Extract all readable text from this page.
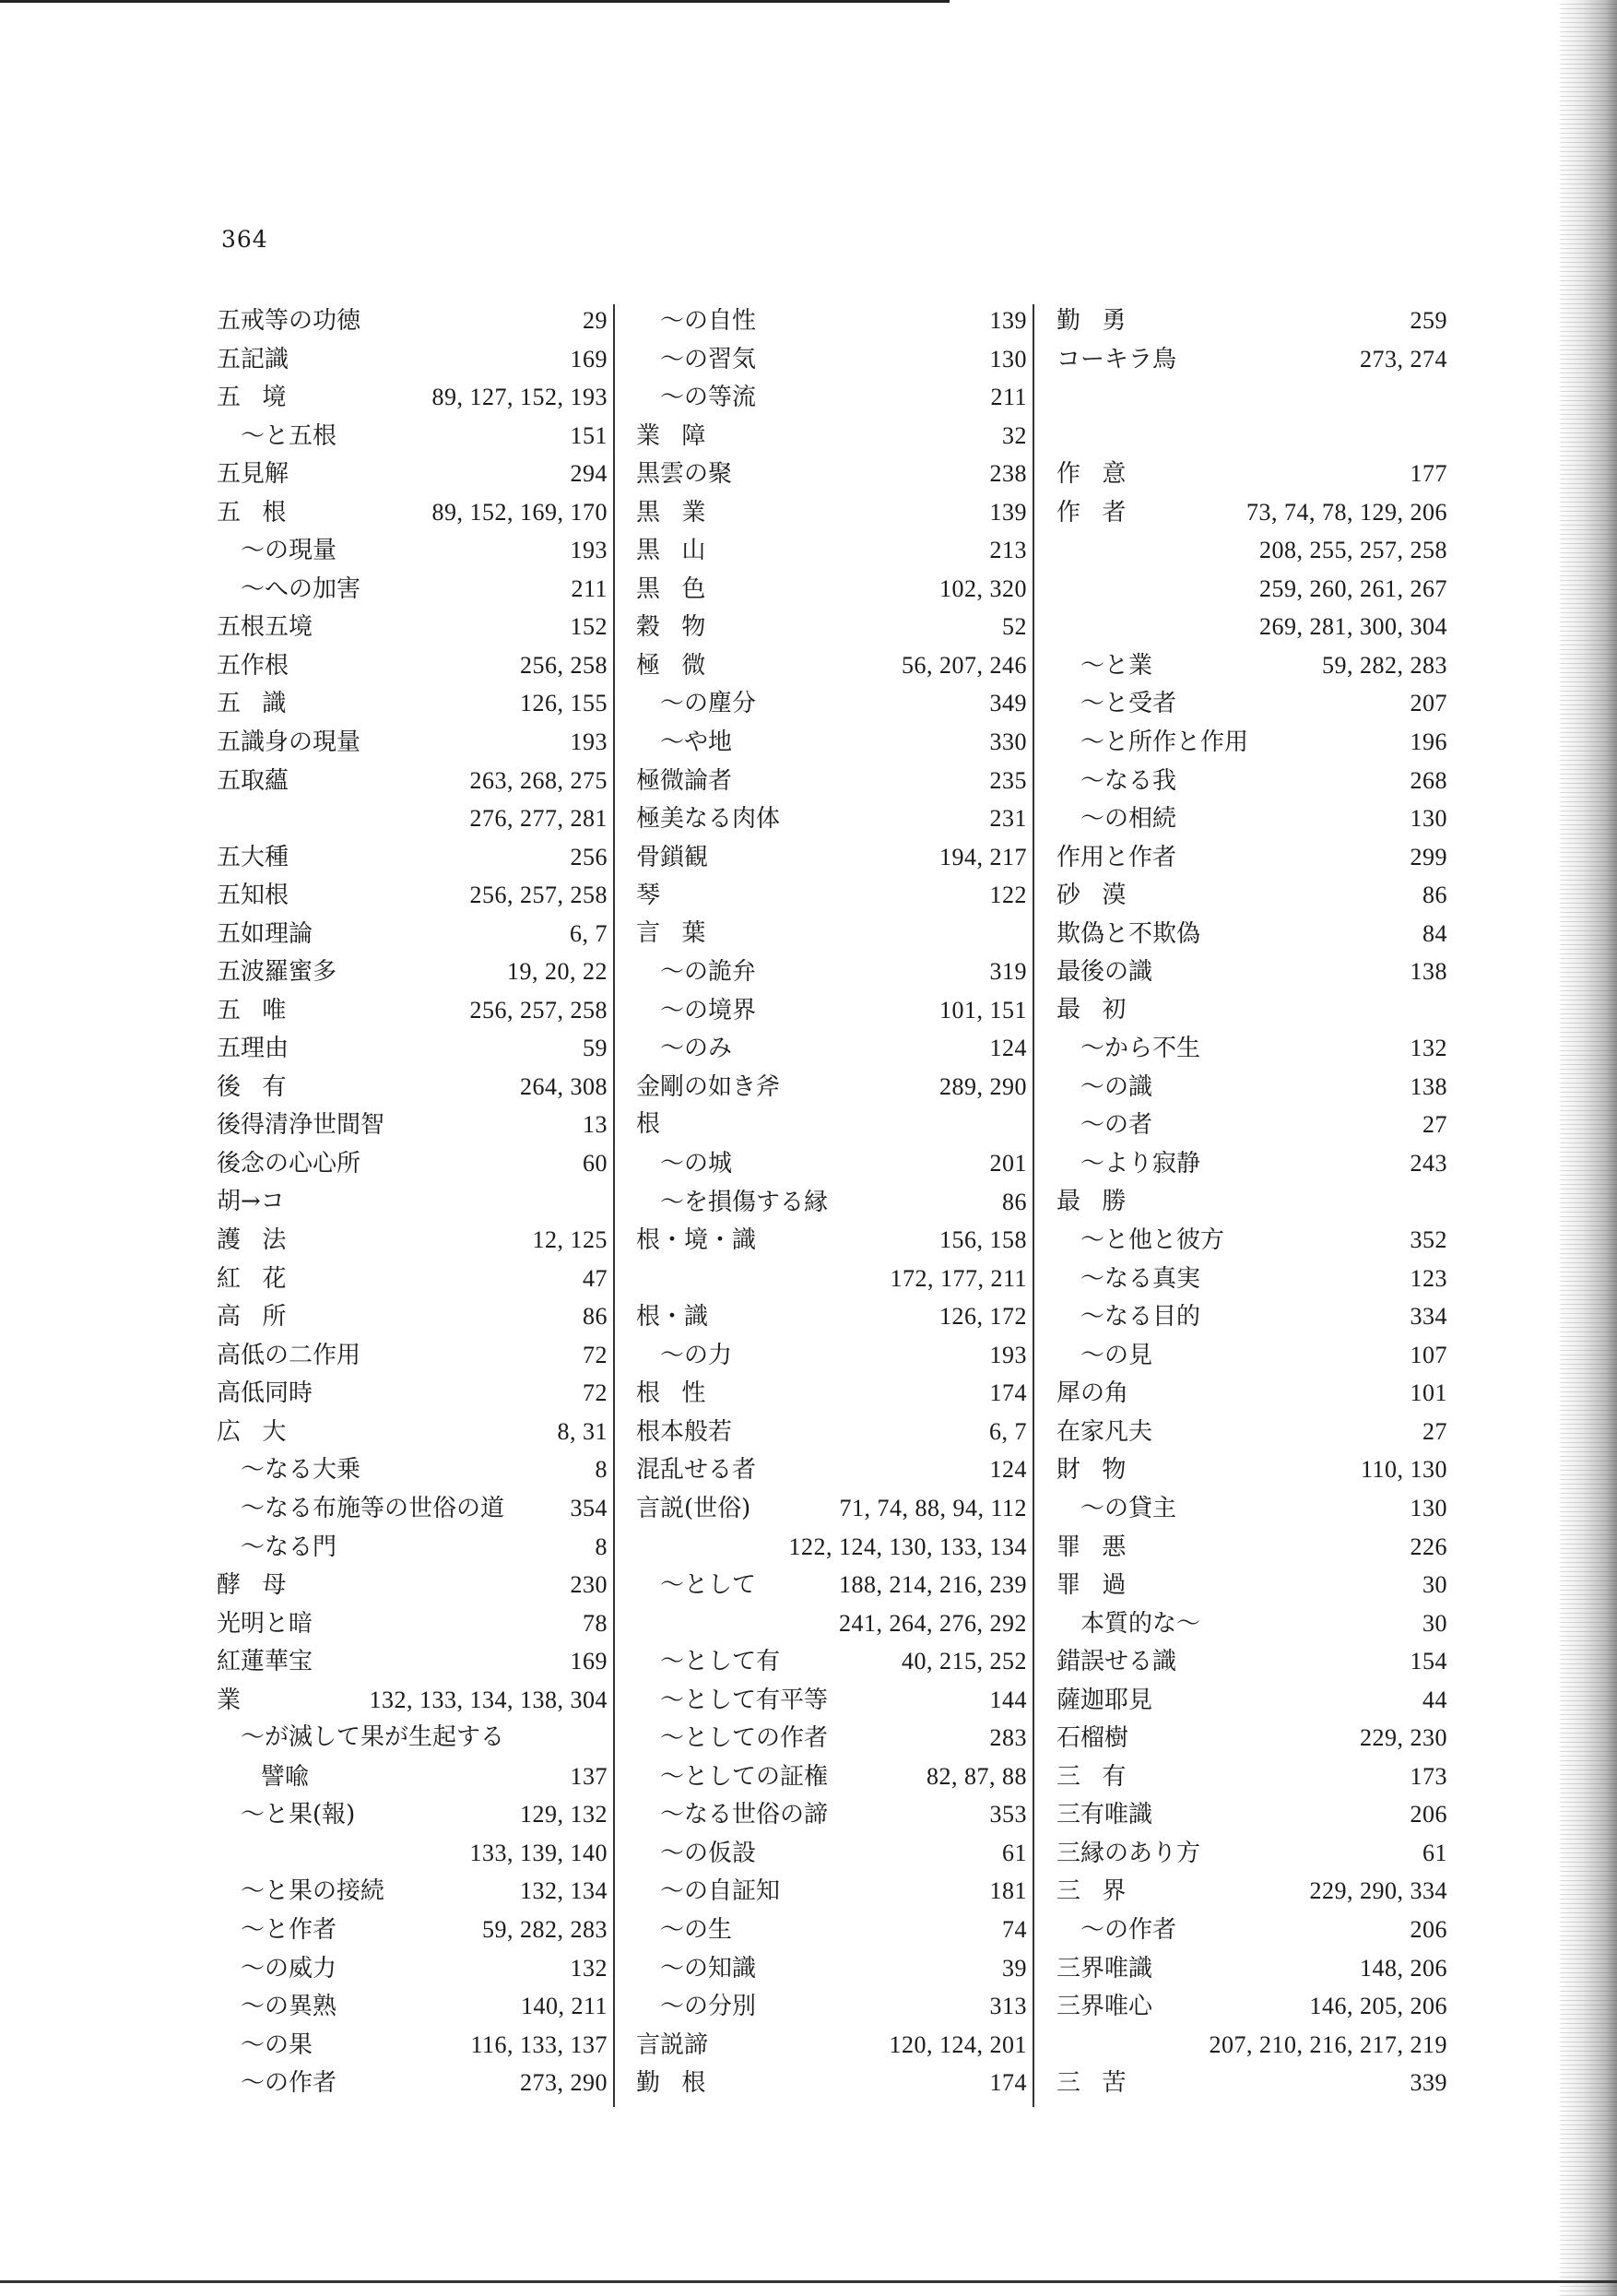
364
五戒等の功徳	29
五記識	169
五境	89, 127, 152, 193
～と五根	151
五見解	294
五根	89, 152, 169, 170
～の現量	193
～への加害	211
五根五境	152
五作根	256, 258
五識	126, 155
五識身の現量	193
五取蘊	263, 268, 275
276, 277, 281
五大種	256
五知根	256, 257, 258
五如理論	6, 7
五波羅蜜多	19, 20, 22
五唯	256, 257, 258
五理由	59
後有	264, 308
後得清浄世間智	13
後念の心心所	60
胡→コ
護法	12, 125
紅花	47
高所	86
高低の二作用	72
高低同時	72
広大	8, 31
～なる大乗	8
～なる布施等の世俗の道	354
～なる門	8
酵母	230
光明と暗	78
紅蓮華宝	169
業	132, 133, 134, 138, 304
～が滅して果が生起する
譬喩	137
～と果(報)	129, 132
133, 139, 140
～と果の接続	132, 134
～と作者	59, 282, 283
～の威力	132
～の異熟	140, 211
～の果	116, 133, 137
～の作者	273, 290
～の自性	139
～の習気	130
～の等流	211
業障	32
黒雲の聚	238
黒業	139
黒山	213
黒色	102, 320
穀物	52
極微	56, 207, 246
～の塵分	349
～や地	330
極微論者	235
極美なる肉体	231
骨鎖観	194, 217
琴	122
言葉
～の詭弁	319
～の境界	101, 151
～のみ	124
金剛の如き斧	289, 290
根
～の城	201
～を損傷する縁	86
根・境・識	156, 158
172, 177, 211
根・識	126, 172
～の力	193
根性	174
根本般若	6, 7
混乱せる者	124
言説(世俗)	71, 74, 88, 94, 112
122, 124, 130, 133, 134
～として	188, 214, 216, 239
241, 264, 276, 292
～として有	40, 215, 252
～として有平等	144
～としての作者	283
～としての証権	82, 87, 88
～なる世俗の諦	353
～の仮設	61
～の自証知	181
～の生	74
～の知識	39
～の分別	313
言説諦	120, 124, 201
勤根	174
勤勇	259
コーキラ鳥	273, 274
作意	177
作者	73, 74, 78, 129, 206
208, 255, 257, 258
259, 260, 261, 267
269, 281, 300, 304
～と業	59, 282, 283
～と受者	207
～と所作と作用	196
～なる我	268
～の相続	130
作用と作者	299
砂漠	86
欺偽と不欺偽	84
最後の識	138
最初
～から不生	132
～の識	138
～の者	27
～より寂静	243
最勝
～と他と彼方	352
～なる真実	123
～なる目的	334
～の見	107
犀の角	101
在家凡夫	27
財物	110, 130
～の貸主	130
罪悪	226
罪過	30
本質的な～	30
錯誤せる識	154
薩迦耶見	44
石榴樹	229, 230
三有	173
三有唯識	206
三縁のあり方	61
三界	229, 290, 334
～の作者	206
三界唯識	148, 206
三界唯心	146, 205, 206
207, 210, 216, 217, 219
三苦	339
